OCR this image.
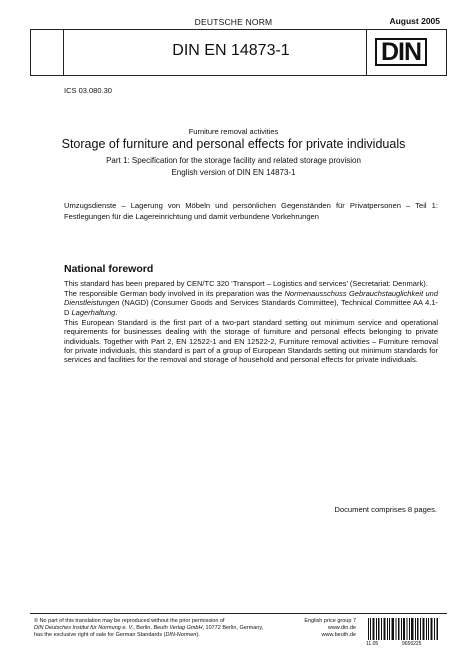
DEUTSCHE NORM	August 2005
DIN EN 14873-1	DIN
ICS 03.080.30
Furniture removal activities
Storage of furniture and personal effects for private individuals
Part 1: Specification for the storage facility and related storage provision
English version of DIN EN 14873-1
Umzugsdienste – Lagerung von Möbeln und persönlichen Gegenständen für Privatpersonen – Teil 1: Festlegungen für die Lagereinrichtung und damit verbundene Vorkehrungen
National foreword
This standard has been prepared by CEN/TC 320 ‘Transport – Logistics and services’ (Secretariat: Denmark).
The responsible German body involved in its preparation was the Normenausschuss Gebrauchstauglichkeit und Dienstleistungen (NAGD) (Consumer Goods and Services Standards Committee), Technical Committee AA 4.1-D Lagerhaltung.
This European Standard is the first part of a two-part standard setting out minimum service and operational requirements for businesses dealing with the storage of furniture and personal effects belonging to private individuals. Together with Part 2, EN 12522-1 and EN 12522-2, Furniture removal activities – Furniture removal for private individuals, this standard is part of a group of European Standards setting out minimum standards for services and facilities for the removal and storage of household and personal effects for private individuals.
Document comprises 8 pages.
© No part of this translation may be reproduced without the prior permission of
DIN Deutsches Institut für Normung e. V., Berlin. Beuth Verlag GmbH, 10772 Berlin, Germany,
has the exclusive right of sale for German Standards (DIN-Normen).
English price group 7
www.din.de
www.beuth.de
11.05	9656225
